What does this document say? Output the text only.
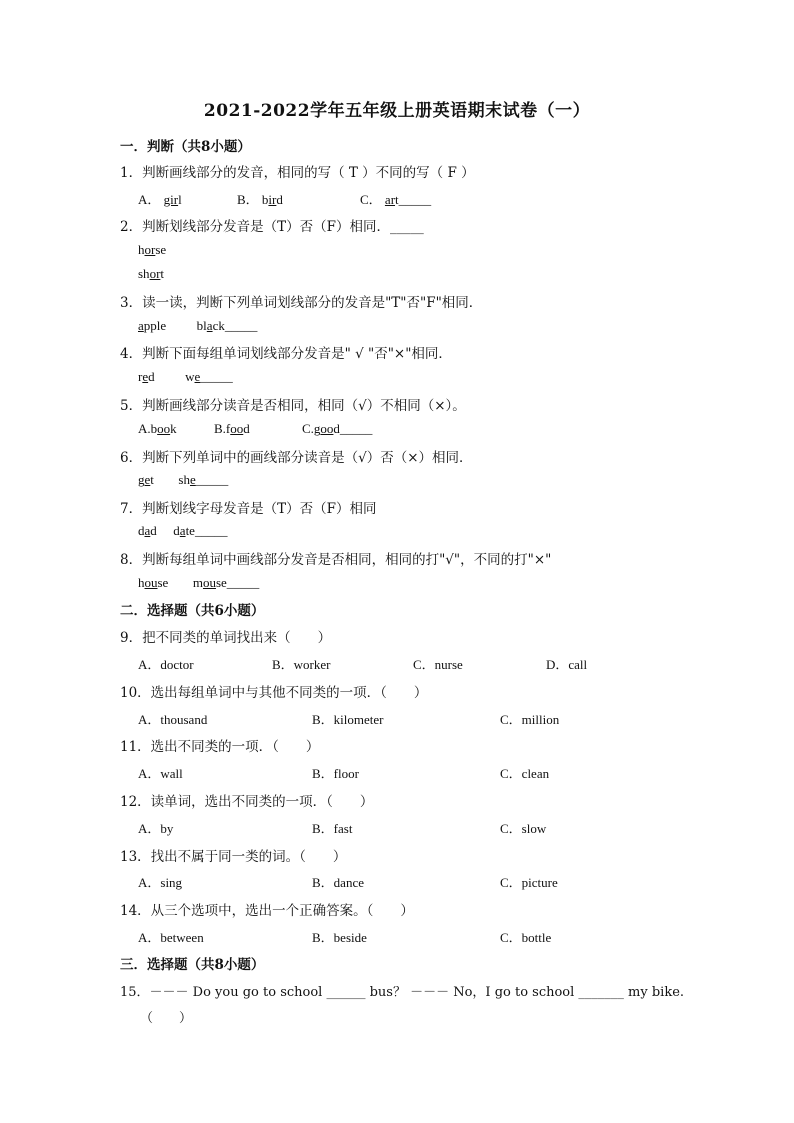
2021-2022学年五年级上册英语期末试卷（一）
一．判断（共8小题）
1．判断画线部分的发音，相同的写（ T ）不同的写（ F ）
A． girl	B． bird	C． art_____
2．判断划线部分发音是（T）否（F）相同．_____
horse
short
3．读一读，判断下列单词划线部分的发音是"T"否"F"相同．
apple black_____
4．判断下面每组单词划线部分发音是" √ "否"×"相同．
red we_____
5．判断画线部分读音是否相同，相同（√）不相同（×）。
A.book	B.food	C.good_____
6．判断下列单词中的画线部分读音是（√）否（×）相同．
get she_____
7．判断划线字母发音是（T）否（F）相同
dad date_____
8．判断每组单词中画线部分发音是否相同，相同的打"√"，不同的打"×"
house mouse_____
二．选择题（共6小题）
9．把不同类的单词找出来（　　）
A．doctor	B．worker	C．nurse	D．call
10．选出每组单词中与其他不同类的一项．（　　）
A．thousand	B．kilometer	C．million
11．选出不同类的一项．（　　）
A．wall	B．floor	C．clean
12．读单词，选出不同类的一项．（　　）
A．by	B．fast	C．slow
13．找出不属于同一类的词。（　　）
A．sing	B．dance	C．picture
14．从三个选项中，选出一个正确答案。（　　）
A．between	B．beside	C．bottle
三．选择题（共8小题）
15．－－－ Do you go to school ______ bus？ －－－ No，I go to school _______ my bike.
（　　）
